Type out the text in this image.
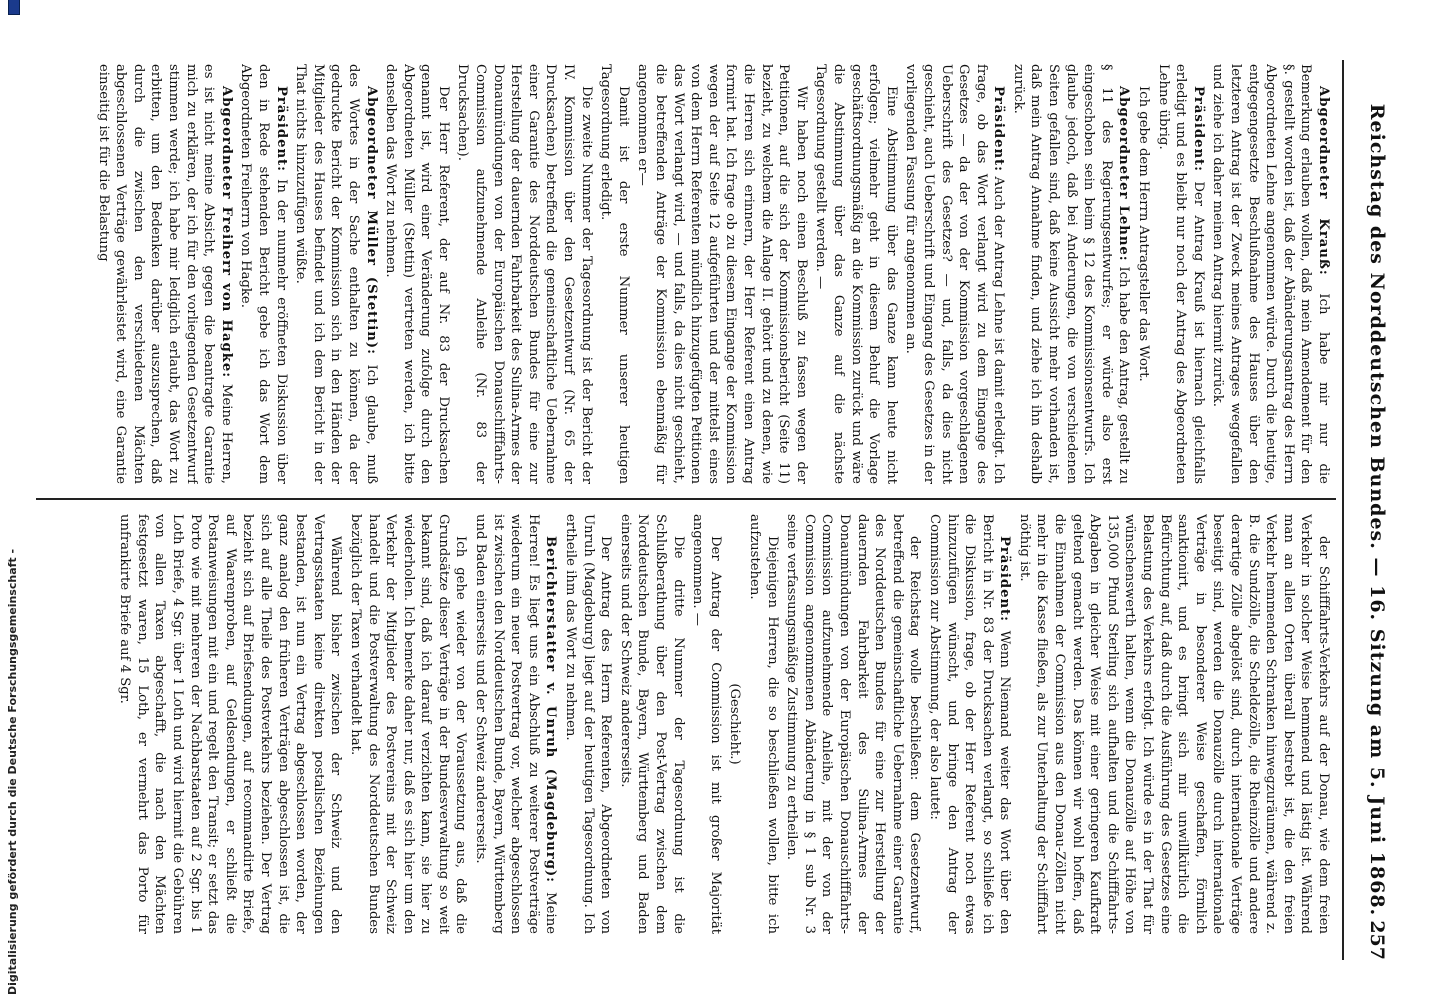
Reichstag des Norddeutschen Bundes. — 16. Sitzung am 5. Juni 1868.
257

Abgeordneter Krauß: Ich habe mir nur die Bemerkung erlauben wollen, daß mein Amendement für den §. gestellt worden ist, daß der Abänderungsantrag des Herrn Abgeordneten Lehne angenommen würde. Durch die heutige, entgegengesetzte Beschlußnahme des Hauses über den letzteren Antrag ist der Zweck meines Antrages weggefallen und ziehe ich daher meinen Antrag hiermit zurück.

Präsident: Der Antrag Krauß ist hiernach gleichfalls erledigt und es bleibt nur noch der Antrag des Abgeordneten Lehne übrig.

Ich gebe dem Herrn Antragsteller das Wort.

Abgeordneter Lehne: Ich habe den Antrag, gestellt zu § 11 des Regierungsentwurfes; er würde also erst eingeschoben sein beim § 12 des Kommissionsentwurfs. Ich glaube jedoch, daß bei Anderungen, die von verschiedenen Seiten gefallen sind, daß keine Aussicht mehr vorhanden ist, daß mein Antrag Annahme finden, und ziehe ich ihn deshalb zurück.

Präsident: Auch der Antrag Lehne ist damit erledigt. Ich frage, ob das Wort verlangt wird zu dem Eingange des Gesetzes — da der von der Kommission vorgeschlagenen Ueberschrift des Gesetzes? — und, falls, da dies nicht geschieht, auch Ueberschrift und Eingang des Gesetzes in der vorliegenden Fassung für angenommen an.

Eine Abstimmung über das Ganze kann heute nicht erfolgen; vielmehr geht in diesem Behuf die Vorlage geschäftsordnungsmäßig an die Kommission zurück und wäre die Abstimmung über das Ganze auf die nächste Tagesordnung gestellt werden. —

Wir haben noch einen Beschluß zu fassen wegen der Petitionen, auf die sich der Kommissionsbericht (Seite 11) bezieht, zu welchem die Anlage II. gehört und zu denen, wie die Herren sich erinnern, der Herr Referent einen Antrag formirt hat. Ich frage ob zu diesem Eingange der Kommission wegen der auf Seite 12 aufgeführten und der mittelst eines von dem Herrn Referenten mündlich hinzugefügten Petitionen das Wort verlangt wird, — und falls, da dies nicht geschieht, die betreffenden Anträge der Kommission ebenmäßig für angenommen er—

Damit ist der erste Nummer unserer heutigen Tagesordnung erledigt.

Die zweite Nummer der Tagesordnung ist der Bericht der IV. Kommission über den Gesetzentwurf (Nr. 65 der Drucksachen) betreffend die gemeinschaftliche Uebernahme einer Garantie des Norddeutschen Bundes für eine zur Herstellung der dauernden Fahrbarkeit des Sulina-Armes der Donaumündungen von der Europäischen Donauschifffahrts-Commission aufzunehmende Anleihe (Nr. 83 der Drucksachen).

Der Herr Referent, der auf Nr. 83 der Drucksachen genannt ist, wird einer Veränderung zufolge durch den Abgeordneten Müller (Stettin) vertreten werden, ich bitte denselben das Wort zu nehmen.

Abgeordneter Müller (Stettin): Ich glaube, muß des Wortes in der Sache enthalten zu können, da der gedruckte Bericht der Kommission sich in den Händen der Mitglieder des Hauses befindet und ich dem Bericht in der That nichts hinzuzufügen wüßte.

Präsident: In der nunmehr eröffneten Diskussion über den in Rede stehenden Bericht gebe ich das Wort dem Abgeordneten Freiherrn von Hagke.

Abgeordneter Freiherr von Hagke: Meine Herren, es ist nicht meine Absicht, gegen die beantragte Garantie mich zu erklären, der ich für den vorliegenden Gesetzentwurf stimmen werde; ich habe mir lediglich erlaubt, das Wort zu erbitten, um den Bedenken darüber auszusprechen, daß durch die zwischen den verschiedenen Mächten abgeschlossenen Verträge gewährleistet wird, eine Garantie einseitig ist für die Belastung

der Schifffahrts-Verkehrs auf der Donau, wie dem freien Verkehr in solcher Weise hemmend und lästig ist. Während man an allen Orten überall bestrebt ist, die den freien Verkehr hemmenden Schranken hinwegzuräumen, während z. B. die Sundzölle, die Scheldezölle, die Rheinzölle und andere derartige Zölle abgelöst sind, durch internationale Verträge beseitigt sind, werden die Donauzölle durch internationale Verträge in besonderer Weise geschaffen, förmlich sanktionirt, und es bringt sich mir unwillkürlich die Befürchtung auf, daß durch die Ausführung des Gesetzes eine Belastung des Verkehrs erfolgt. Ich würde es in der That für wünschenswerth halten, wenn die Donauzölle auf Höhe von 135,000 Pfund Sterling sich aufhalten und die Schifffahrts-Abgaben in gleicher Weise mit einer geringeren Kaufkraft geltend gemacht werden. Das können wir wohl hoffen, daß die Einnahmen der Commission aus den Donau-Zöllen nicht mehr in die Kasse fließen, als zur Unterhaltung der Schifffahrt nöthig ist.

Präsident: Wenn Niemand weiter das Wort über den Bericht in Nr. 83 der Drucksachen verlangt, so schließe ich die Diskussion, frage, ob der Herr Referent noch etwas hinzuzufügen wünscht, und bringe den Antrag der Commission zur Abstimmung, der also lautet:

der Reichstag wolle beschließen: dem Gesetzentwurf, betreffend die gemeinschaftliche Uebernahme einer Garantie des Norddeutschen Bundes für eine zur Herstellung der dauernden Fahrbarkeit des Sulina-Armes der Donaumündungen von der Europäischen Donauschifffahrts-Commission aufzunehmende Anleihe, mit der von der Commission angenommenen Abänderung in § 1 sub Nr. 3 seine verfassungsmäßige Zustimmung zu ertheilen.

Diejenigen Herren, die so beschließen wollen, bitte ich aufzustehen.

(Geschieht.)

Der Antrag der Commission ist mit großer Majorität angenommen. —

Die dritte Nummer der Tagesordnung ist die Schlußberathung über den Post-Vertrag zwischen dem Norddeutschen Bunde, Bayern, Württemberg und Baden einerseits und der Schweiz andererseits.

Der Antrag des Herrn Referenten, Abgeordneten von Unruh (Magdeburg) liegt auf der heutigen Tagesordnung. Ich ertheile ihm das Wort zu nehmen.

Berichterstatter v. Unruh (Magdeburg): Meine Herren! Es liegt uns ein Abschluß zu weiterer Postverträge wiederum ein neuer Postvertrag vor, welcher abgeschlossen ist zwischen den Norddeutschen Bunde, Bayern, Württemberg und Baden einerseits und der Schweiz andererseits.

Ich gehe wieder von der Voraussetzung aus, daß die Grundsätze dieser Verträge in der Bundesverwaltung so weit bekannt sind, daß ich darauf verzichten kann, sie hier zu wiederholen. Ich bemerke daher nur, daß es sich hier um den Verkehr der Mitglieder des Postvereins mit der Schweiz handelt und die Postverwaltung des Norddeutschen Bundes bezüglich der Taxen verhandelt hat.

Während bisher zwischen der Schweiz und den Vertragsstaaten keine direkten postalischen Beziehungen bestanden, ist nun ein Vertrag abgeschlossen worden, der ganz analog den früheren Verträgen abgeschlossen ist, die sich auf alle Theile des Postverkehrs beziehen. Der Vertrag bezieht sich auf Briefsendungen, auf recommandirte Briefe, auf Waarenproben, auf Geldsendungen, er schließt die Postanweisungen mit ein und regelt den Transit; er setzt das Porto wie mit mehreren der Nachbarstaaten auf 2 Sgr. bis 1 Loth Briefe, 4 Sgr. über 1 Loth und wird hiermit die Gebühren von allen Taxen abgeschafft, die nach den Mächten festgesetzt waren, 15 Loth, er vermehrt das Porto für unfrankirte Briefe auf 4 Sgr.

Digitalisierung gefördert durch die Deutsche Forschungsgemeinschaft -
